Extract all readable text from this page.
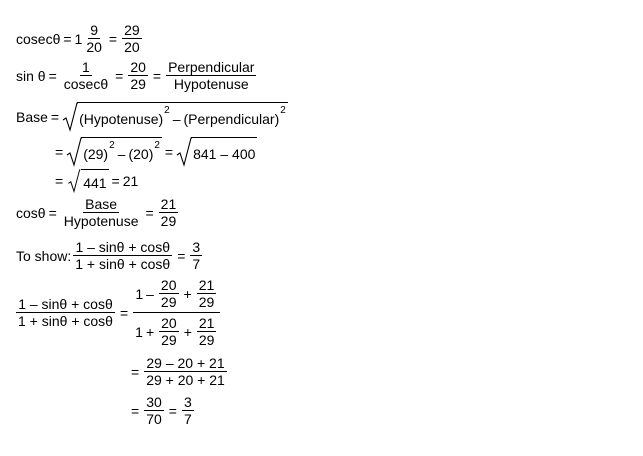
$cosec\theta = 1 \frac{9}{20} = \frac{29}{20}$
$\sin \theta = \frac{1}{cosec\theta} = \frac{20}{29} = \frac{\text{Perpendicular}}{\text{Hypotenuse}}$
Base = (Hypotenuse) 2 – (Perpendicular) 2
= (29) 2 – (20) 2 = 841 – 400
= 441 = 21
$\cos\theta = \frac{\text{Base}}{\text{Hypotenuse}} = \frac{21}{29}$
To show: $\frac{1 - \sin\theta + \cos\theta}{1 + \sin\theta + \cos\theta} = \frac{3}{7}$
$\frac{1 - \sin\theta + \cos\theta}{1 + \sin\theta + \cos\theta}$ =
$1 - \frac{20}{29} + \frac{21}{29}$
$1 + \frac{20}{29} + \frac{21}{29}$
= $\frac{29 - 20 + 21}{29 + 20 + 21}$
= $\frac{30}{70} = \frac{3}{7}$
